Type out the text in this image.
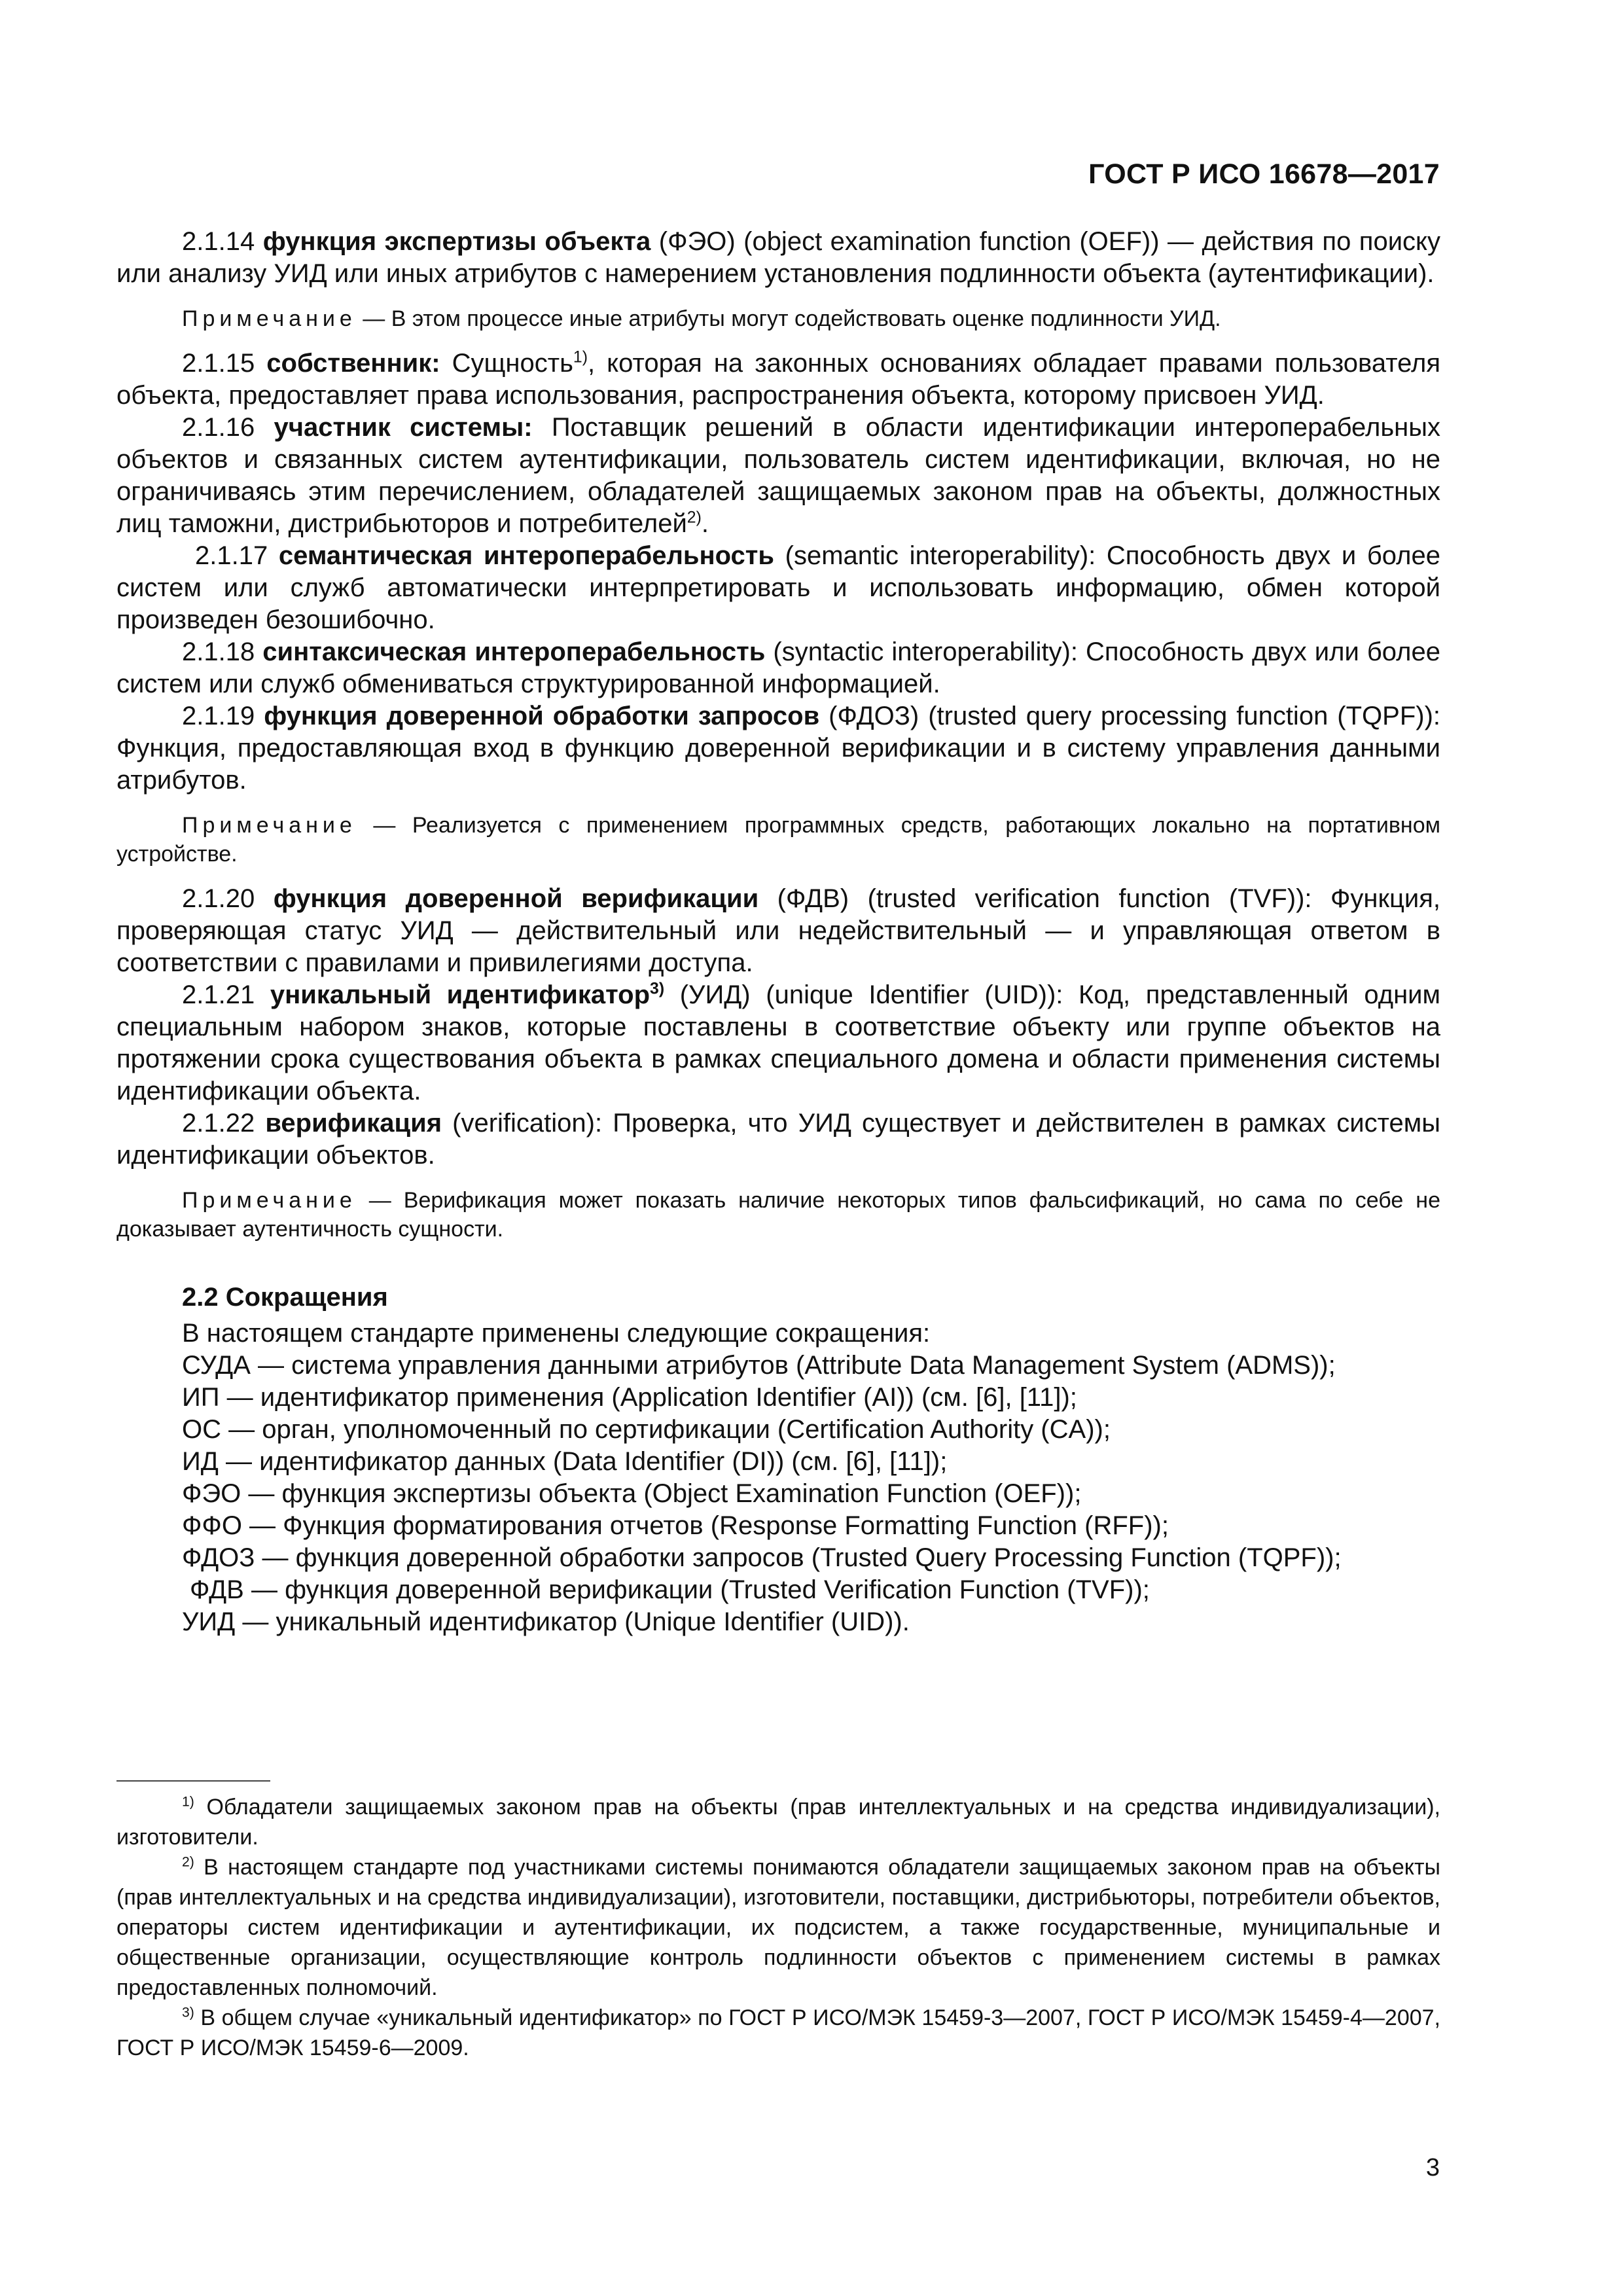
ГОСТ Р ИСО 16678—2017

2.1.14 функция экспертизы объекта (ФЭО) (object examination function (OEF)) — действия по поиску или анализу УИД или иных атрибутов с намерением установления подлинности объекта (аутентификации).

Примечание — В этом процессе иные атрибуты могут содействовать оценке подлинности УИД.

2.1.15 собственник: Сущность$^{1)}$, которая на законных основаниях обладает правами пользователя объекта, предоставляет права использования, распространения объекта, которому присвоен УИД.

2.1.16 участник системы: Поставщик решений в области идентификации интероперабельных объектов и связанных систем аутентификации, пользователь систем идентификации, включая, но не ограничиваясь этим перечислением, обладателей защищаемых законом прав на объекты, должностных лиц таможни, дистрибьюторов и потребителей$^{2)}$.

2.1.17 семантическая интероперабельность (semantic interoperability): Способность двух и более систем или служб автоматически интерпретировать и использовать информацию, обмен которой произведен безошибочно.

2.1.18 синтаксическая интероперабельность (syntactic interoperability): Способность двух или более систем или служб обмениваться структурированной информацией.

2.1.19 функция доверенной обработки запросов (ФДОЗ) (trusted query processing function (TQPF)): Функция, предоставляющая вход в функцию доверенной верификации и в систему управления данными атрибутов.

Примечание — Реализуется с применением программных средств, работающих локально на портативном устройстве.

2.1.20 функция доверенной верификации (ФДВ) (trusted verification function (TVF)): Функция, проверяющая статус УИД — действительный или недействительный — и управляющая ответом в соответствии с правилами и привилегиями доступа.

2.1.21 уникальный идентификатор$^{3)}$ (УИД) (unique Identifier (UID)): Код, представленный одним специальным набором знаков, которые поставлены в соответствие объекту или группе объектов на протяжении срока существования объекта в рамках специального домена и области применения системы идентификации объекта.

2.1.22 верификация (verification): Проверка, что УИД существует и действителен в рамках системы идентификации объектов.

Примечание — Верификация может показать наличие некоторых типов фальсификаций, но сама по себе не доказывает аутентичность сущности.

2.2 Сокращения

В настоящем стандарте применены следующие сокращения:

СУДА — система управления данными атрибутов (Attribute Data Management System (ADMS));

ИП — идентификатор применения (Application Identifier (AI)) (см. [6], [11]);

ОС — орган, уполномоченный по сертификации (Certification Authority (CA));

ИД — идентификатор данных (Data Identifier (DI)) (см. [6], [11]);

ФЭО — функция экспертизы объекта (Object Examination Function (OEF));

ФФО — Функция форматирования отчетов (Response Formatting Function (RFF));

ФДОЗ — функция доверенной обработки запросов (Trusted Query Processing Function (TQPF));

ФДВ — функция доверенной верификации (Trusted Verification Function (TVF));

УИД — уникальный идентификатор (Unique Identifier (UID)).

$^{1)}$ Обладатели защищаемых законом прав на объекты (прав интеллектуальных и на средства индивидуализации), изготовители.

$^{2)}$ В настоящем стандарте под участниками системы понимаются обладатели защищаемых законом прав на объекты (прав интеллектуальных и на средства индивидуализации), изготовители, поставщики, дистрибьюторы, потребители объектов, операторы систем идентификации и аутентификации, их подсистем, а также государственные, муниципальные и общественные организации, осуществляющие контроль подлинности объектов с применением системы в рамках предоставленных полномочий.

$^{3)}$ В общем случае «уникальный идентификатор» по ГОСТ Р ИСО/МЭК 15459-3—2007, ГОСТ Р ИСО/МЭК 15459-4—2007, ГОСТ Р ИСО/МЭК 15459-6—2009.

3
